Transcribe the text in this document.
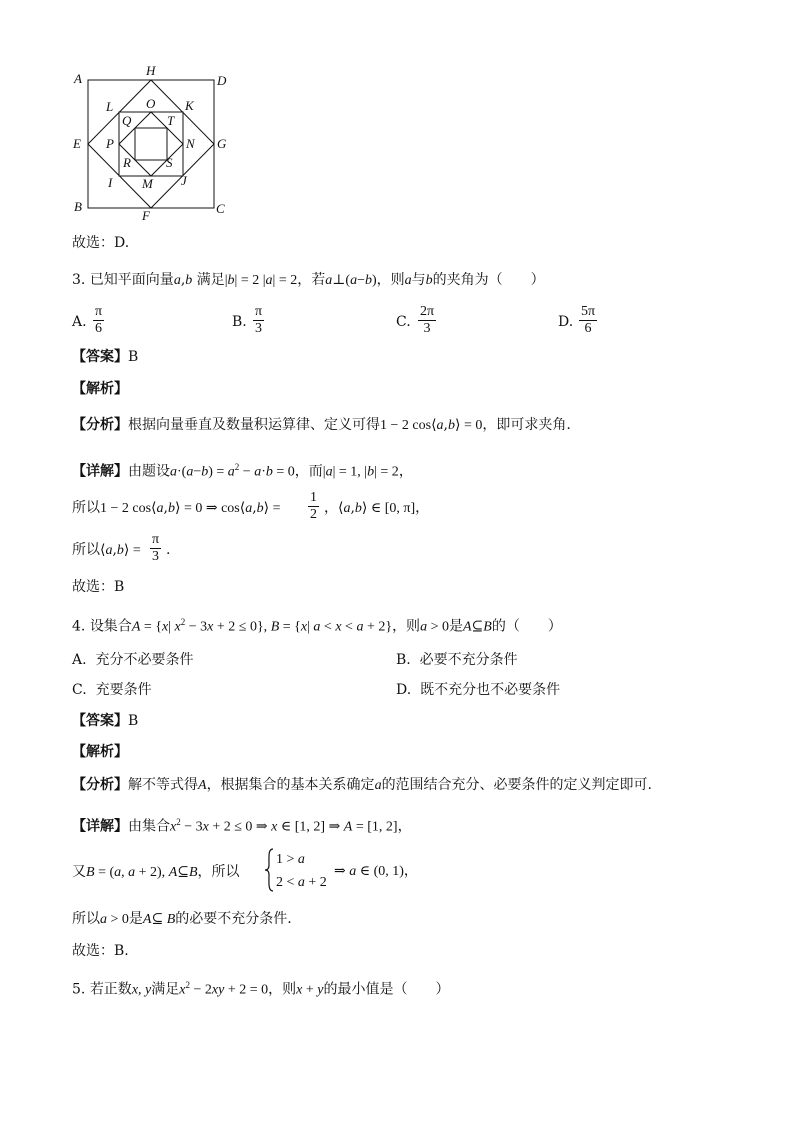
A
H
D
L	O K
Q	T
E P	N G
R	S
I M J
B
F	C
故选：D.
3. 已知平面向量a,b 满足|b| = 2 |a| = 2，若a⊥(a−b)，则a与b的夹角为（　　）
A. $\frac{\pi}{6}$	B. $\frac{\pi}{3}$	C. $\frac{2\pi}{3}$	D. $\frac{5\pi}{6}$
【答案】B
【解析】
【分析】根据向量垂直及数量积运算律、定义可得1 − 2 cos⟨a,b⟩ = 0，即可求夹角.
【详解】由题设$a\cdot(a-b) = a^2 - a\cdot b = 0$，而|a| = 1, |b| = 2，
所以1 − 2 cos⟨a,b⟩ = 0 ⇒ cos⟨a,b⟩ = $\frac{1}{2}$ ，⟨a,b⟩ ∈ [0, π]，
所以⟨a,b⟩ = $\frac{\pi}{3}$ .
故选：B
4. 设集合A = {x| $x^2 - 3x + 2 \le 0$}, B = {x| a < x < a + 2}，则a > 0是A⊆B的（　　）
A. 充分不必要条件	B. 必要不充分条件
C. 充要条件	D. 既不充分也不必要条件
【答案】B
【解析】
【分析】解不等式得A，根据集合的基本关系确定a的范围结合充分、必要条件的定义判定即可.
【详解】由集合$x^2 - 3x + 2 \le 0$ ⇒ x ∈ [1, 2] ⇒ A = [1, 2]，
又B = (a, a + 2), A⊆B，所以
1 > a
2 < a + 2
⇒ a ∈ (0, 1)，
所以a > 0是A⊆ B的必要不充分条件.
故选：B.
5. 若正数x, y满足$x^2 - 2xy + 2 = 0$，则x + y的最小值是（　　）
